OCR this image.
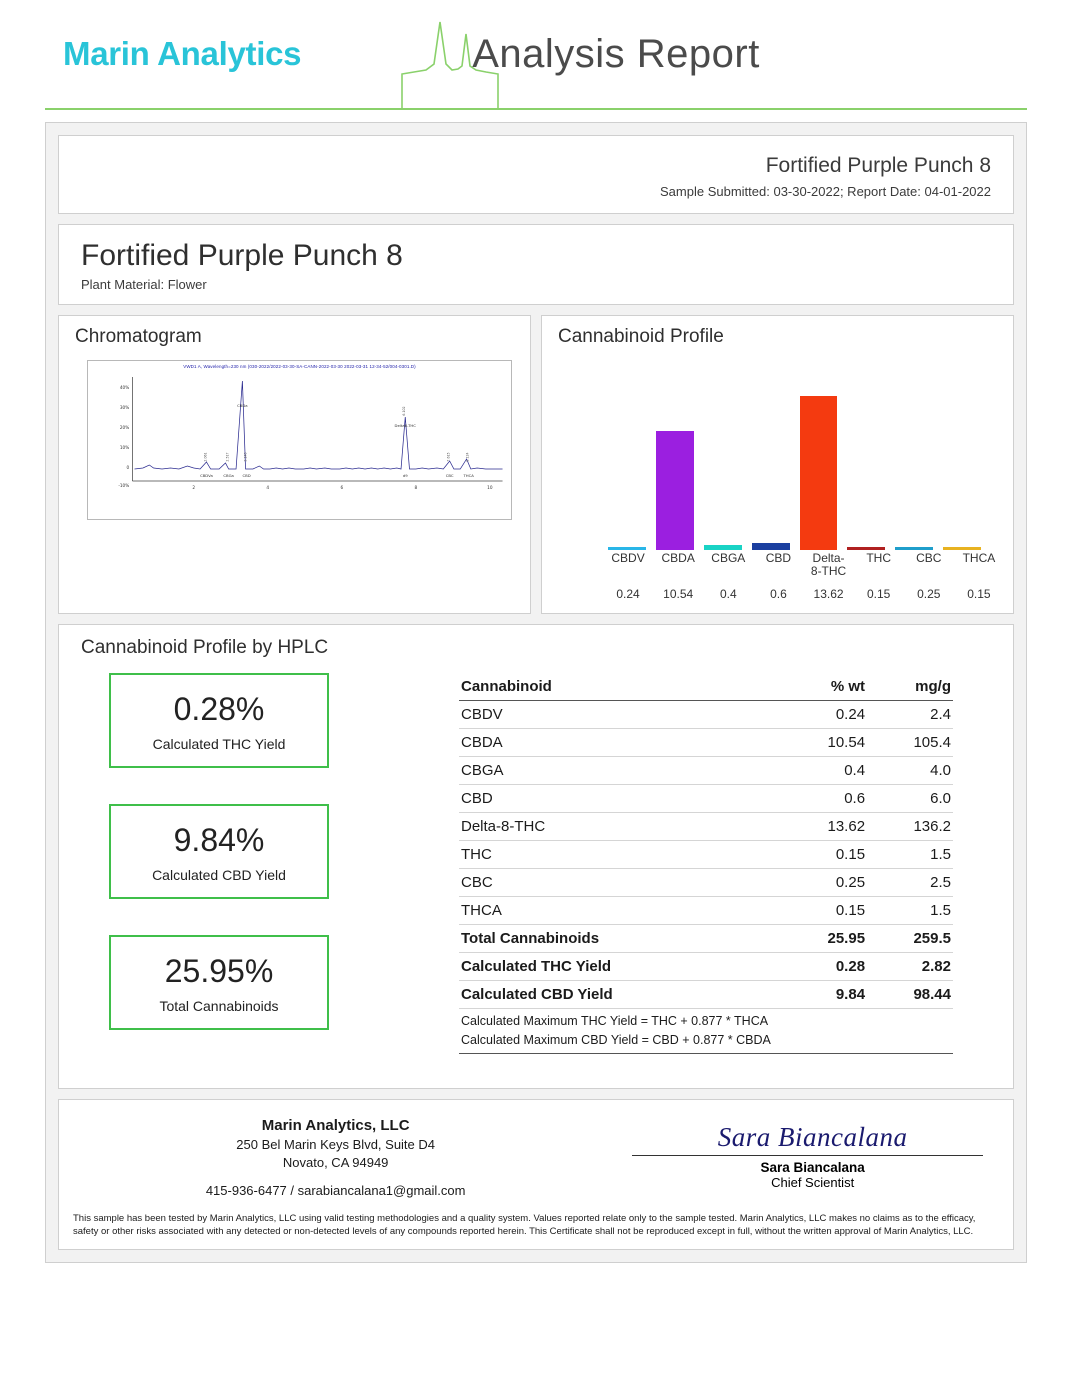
Marin Analytics	Analysis Report
Fortified Purple Punch 8
Sample Submitted: 03-30-2022; Report Date: 04-01-2022
Fortified Purple Punch 8
Plant Material: Flower
Chromatogram
VWD1 A, Wavelength=230 nm (030-2022/2022-03-30-SA-CANN-2022-03-30 2022-03-31 12-34-52/004-0301.D)
40%
30%
20%
10%
0
-10%	2	4	6	8	10
CBDa
Delta8-THC
CBDVa	CBGa CBD	d9	CBC	THCA
2.061	2.517	3.140
6.102
7.615	8.124
Cannabinoid Profile
CBDV CBDA CBGA	CBD	Delta-8-THC
THC	CBC	THCA
0.24	10.54	0.4	0.6	13.62	0.15	0.25	0.15
Cannabinoid Profile by HPLC
0.28%
Calculated THC Yield
9.84%
Calculated CBD Yield
25.95%
Total Cannabinoids
Cannabinoid	% wt	mg/g
CBDV	0.24	2.4
CBDA	10.54	105.4
CBGA	0.4	4.0
CBD	0.6	6.0
Delta-8-THC	13.62	136.2
THC	0.15	1.5
CBC	0.25	2.5
THCA	0.15	1.5
Total Cannabinoids	25.95	259.5
Calculated THC Yield	0.28	2.82
Calculated CBD Yield	9.84	98.44
Calculated Maximum THC Yield = THC + 0.877 * THCA
Calculated Maximum CBD Yield = CBD + 0.877 * CBDA
Marin Analytics, LLC
250 Bel Marin Keys Blvd, Suite D4
Novato, CA 94949
415-936-6477 / sarabiancalana1@gmail.com
Sara Biancalana
Sara Biancalana
Chief Scientist
This sample has been tested by Marin Analytics, LLC using valid testing methodologies and a quality system. Values reported relate only to the sample tested. Marin Analytics, LLC makes no claims as to the efficacy, safety or other risks associated with any detected or non-detected levels of any compounds reported herein. This Certificate shall not be reproduced except in full, without the written approval of Marin Analytics, LLC.
